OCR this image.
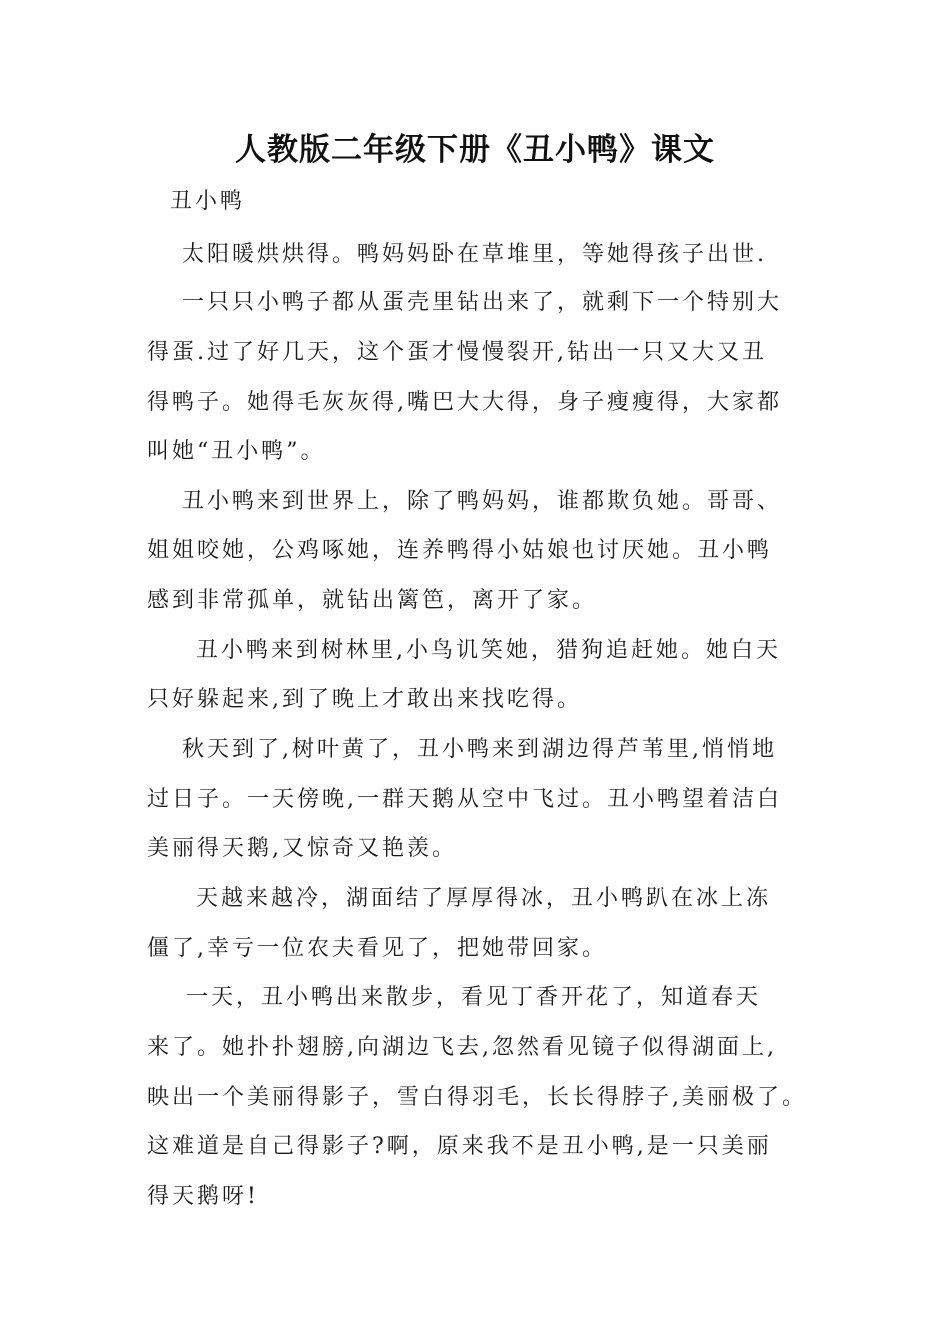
人教版二年级下册《丑小鸭》课文

丑小鸭

太阳暖烘烘得。鸭妈妈卧在草堆里，等她得孩子出世.

一只只小鸭子都从蛋壳里钻出来了，就剩下一个特别大

得蛋.过了好几天，这个蛋才慢慢裂开,钻出一只又大又丑

得鸭子。她得毛灰灰得,嘴巴大大得，身子瘦瘦得，大家都

叫她“丑小鸭”。

丑小鸭来到世界上，除了鸭妈妈，谁都欺负她。哥哥、

姐姐咬她，公鸡啄她，连养鸭得小姑娘也讨厌她。丑小鸭

感到非常孤单，就钻出篱笆，离开了家。

丑小鸭来到树林里,小鸟讥笑她，猎狗追赶她。她白天

只好躲起来,到了晚上才敢出来找吃得。

秋天到了,树叶黄了，丑小鸭来到湖边得芦苇里,悄悄地

过日子。一天傍晚,一群天鹅从空中飞过。丑小鸭望着洁白

美丽得天鹅,又惊奇又艳羡。

天越来越冷，湖面结了厚厚得冰，丑小鸭趴在冰上冻

僵了,幸亏一位农夫看见了，把她带回家。

一天，丑小鸭出来散步，看见丁香开花了，知道春天

来了。她扑扑翅膀,向湖边飞去,忽然看见镜子似得湖面上,

映出一个美丽得影子，雪白得羽毛，长长得脖子,美丽极了。

这难道是自己得影子?啊，原来我不是丑小鸭,是一只美丽

得天鹅呀!
